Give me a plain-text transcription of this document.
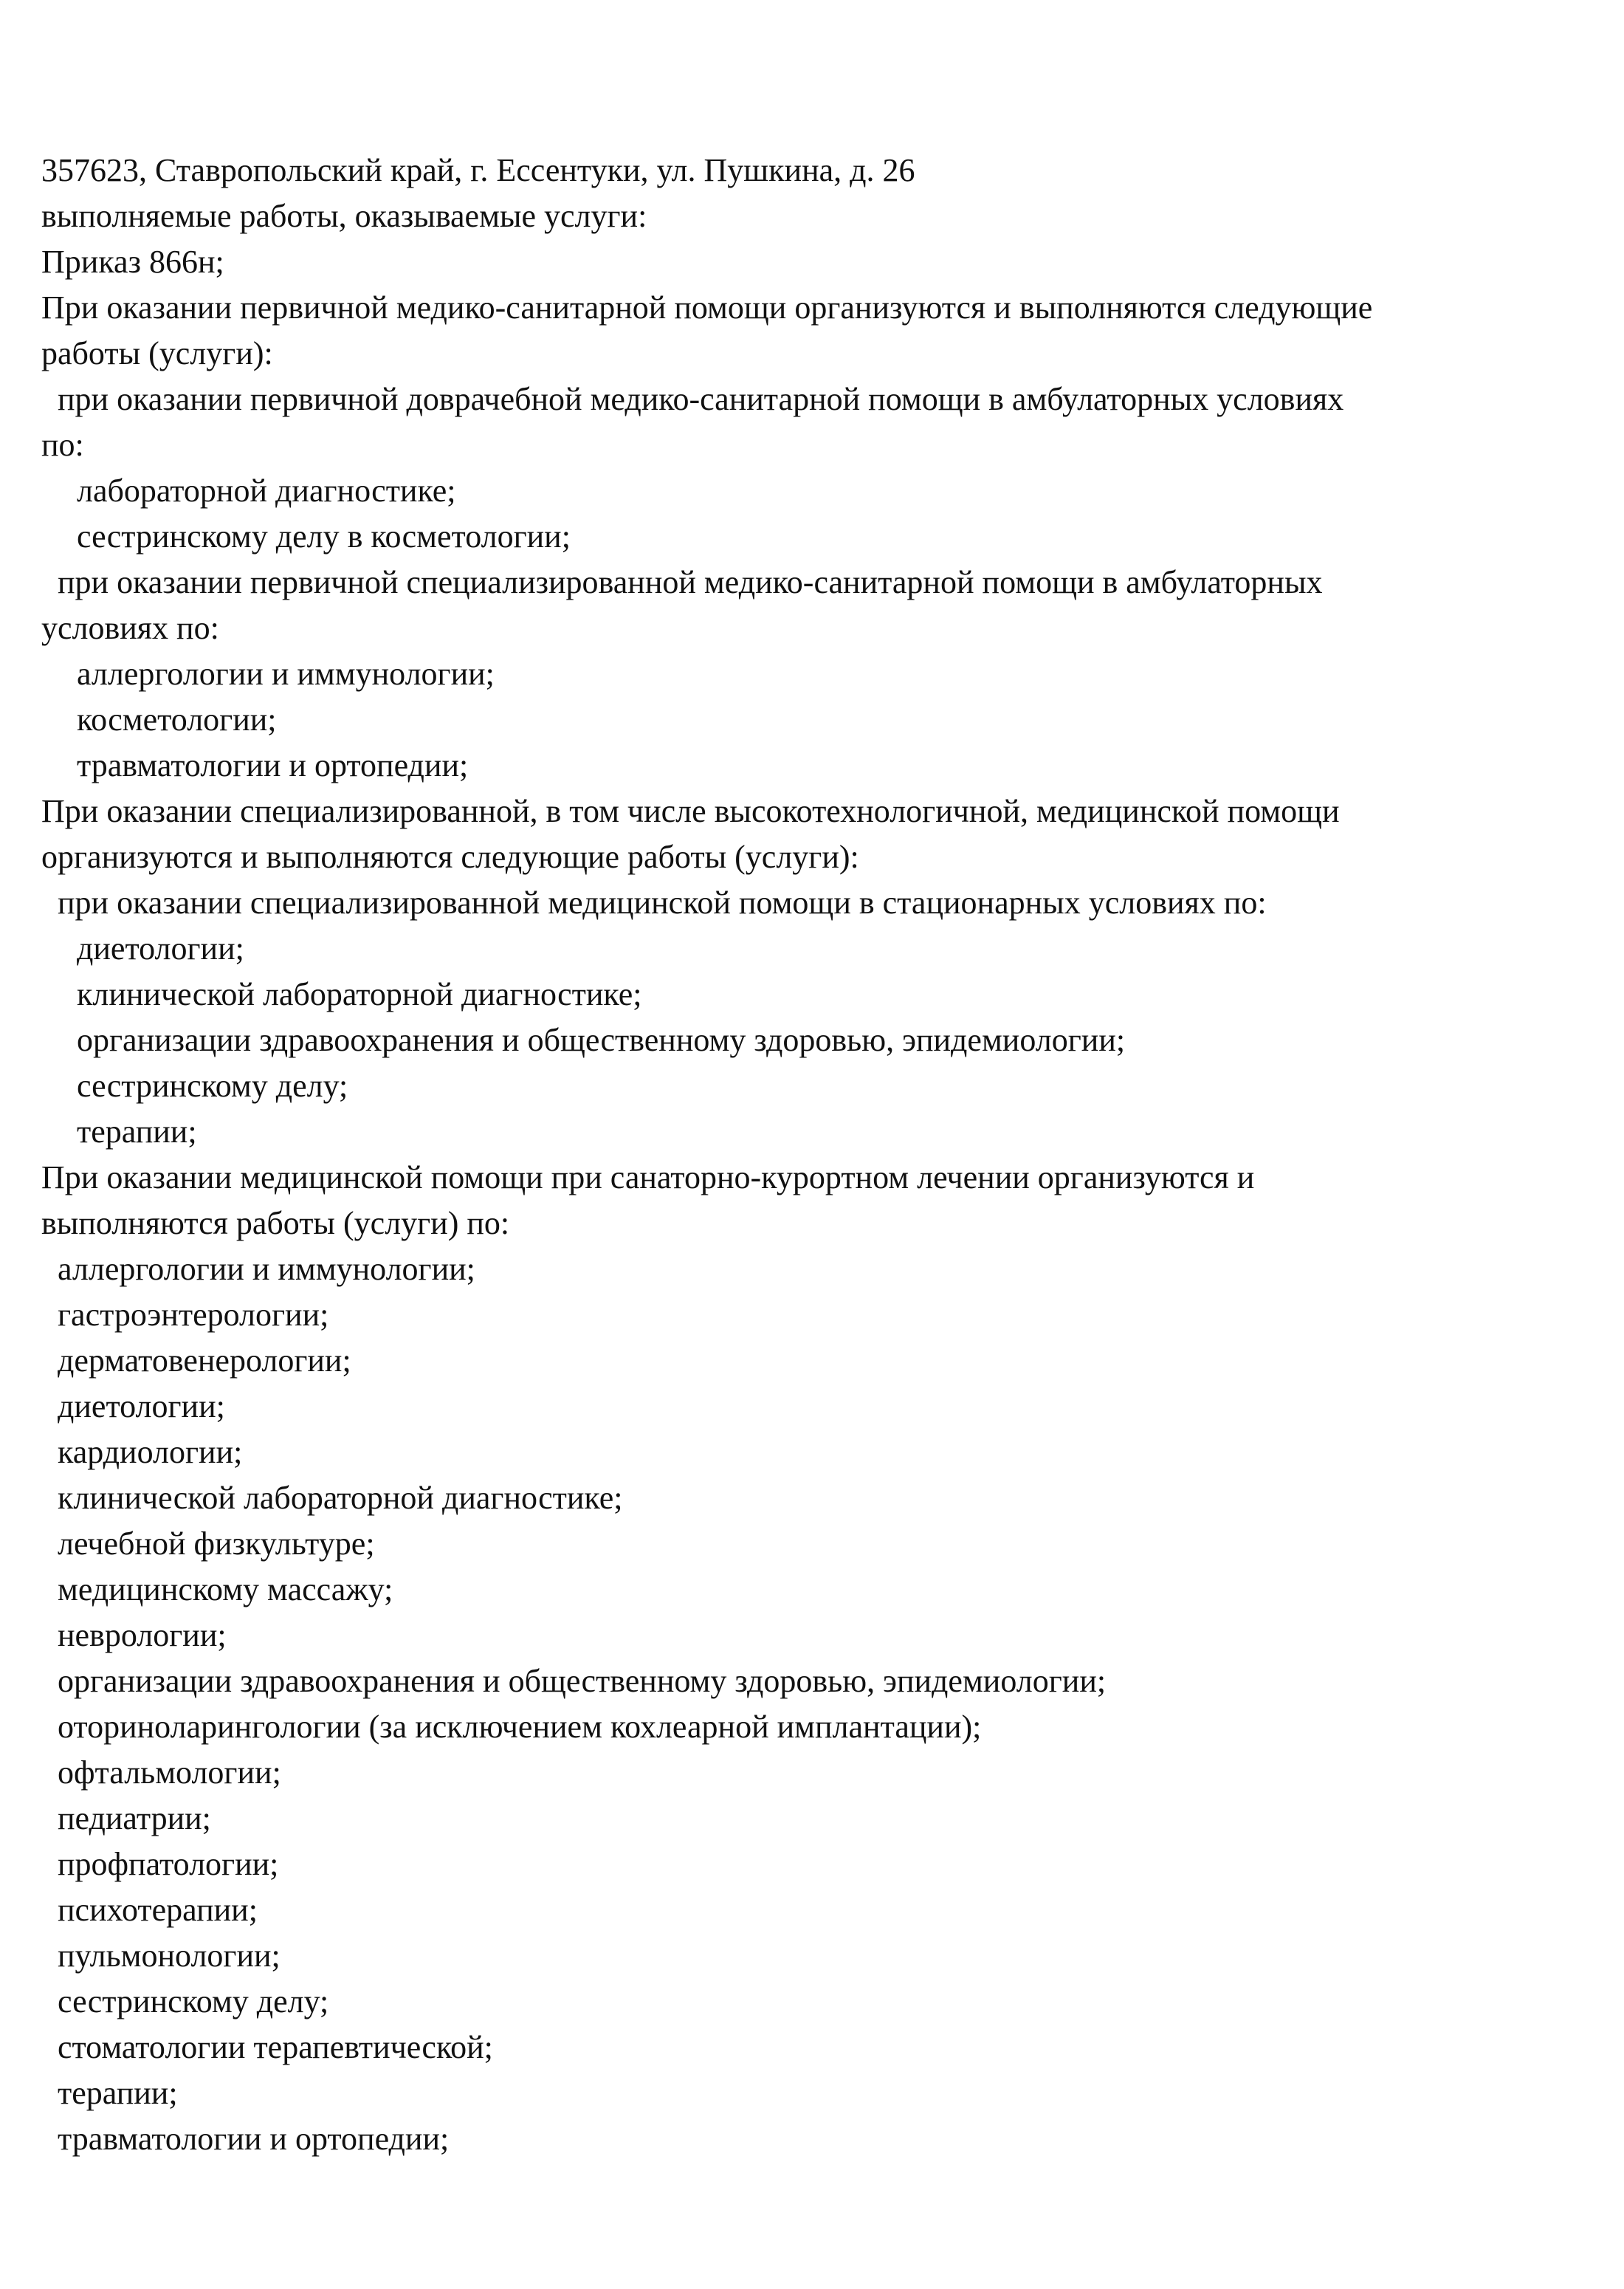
357623, Ставропольский край, г. Ессентуки, ул. Пушкина, д. 26
выполняемые работы, оказываемые услуги:
Приказ 866н;
При оказании первичной медико-санитарной помощи организуются и выполняются следующие
работы (услуги):
при оказании первичной доврачебной медико-санитарной помощи в амбулаторных условиях
по:
лабораторной диагностике;
сестринскому делу в косметологии;
при оказании первичной специализированной медико-санитарной помощи в амбулаторных
условиях по:
аллергологии и иммунологии;
косметологии;
травматологии и ортопедии;
При оказании специализированной, в том числе высокотехнологичной, медицинской помощи
организуются и выполняются следующие работы (услуги):
при оказании специализированной медицинской помощи в стационарных условиях по:
диетологии;
клинической лабораторной диагностике;
организации здравоохранения и общественному здоровью, эпидемиологии;
сестринскому делу;
терапии;
При оказании медицинской помощи при санаторно-курортном лечении организуются и
выполняются работы (услуги) по:
аллергологии и иммунологии;
гастроэнтерологии;
дерматовенерологии;
диетологии;
кардиологии;
клинической лабораторной диагностике;
лечебной физкультуре;
медицинскому массажу;
неврологии;
организации здравоохранения и общественному здоровью, эпидемиологии;
оториноларингологии (за исключением кохлеарной имплантации);
офтальмологии;
педиатрии;
профпатологии;
психотерапии;
пульмонологии;
сестринскому делу;
стоматологии терапевтической;
терапии;
травматологии и ортопедии;
